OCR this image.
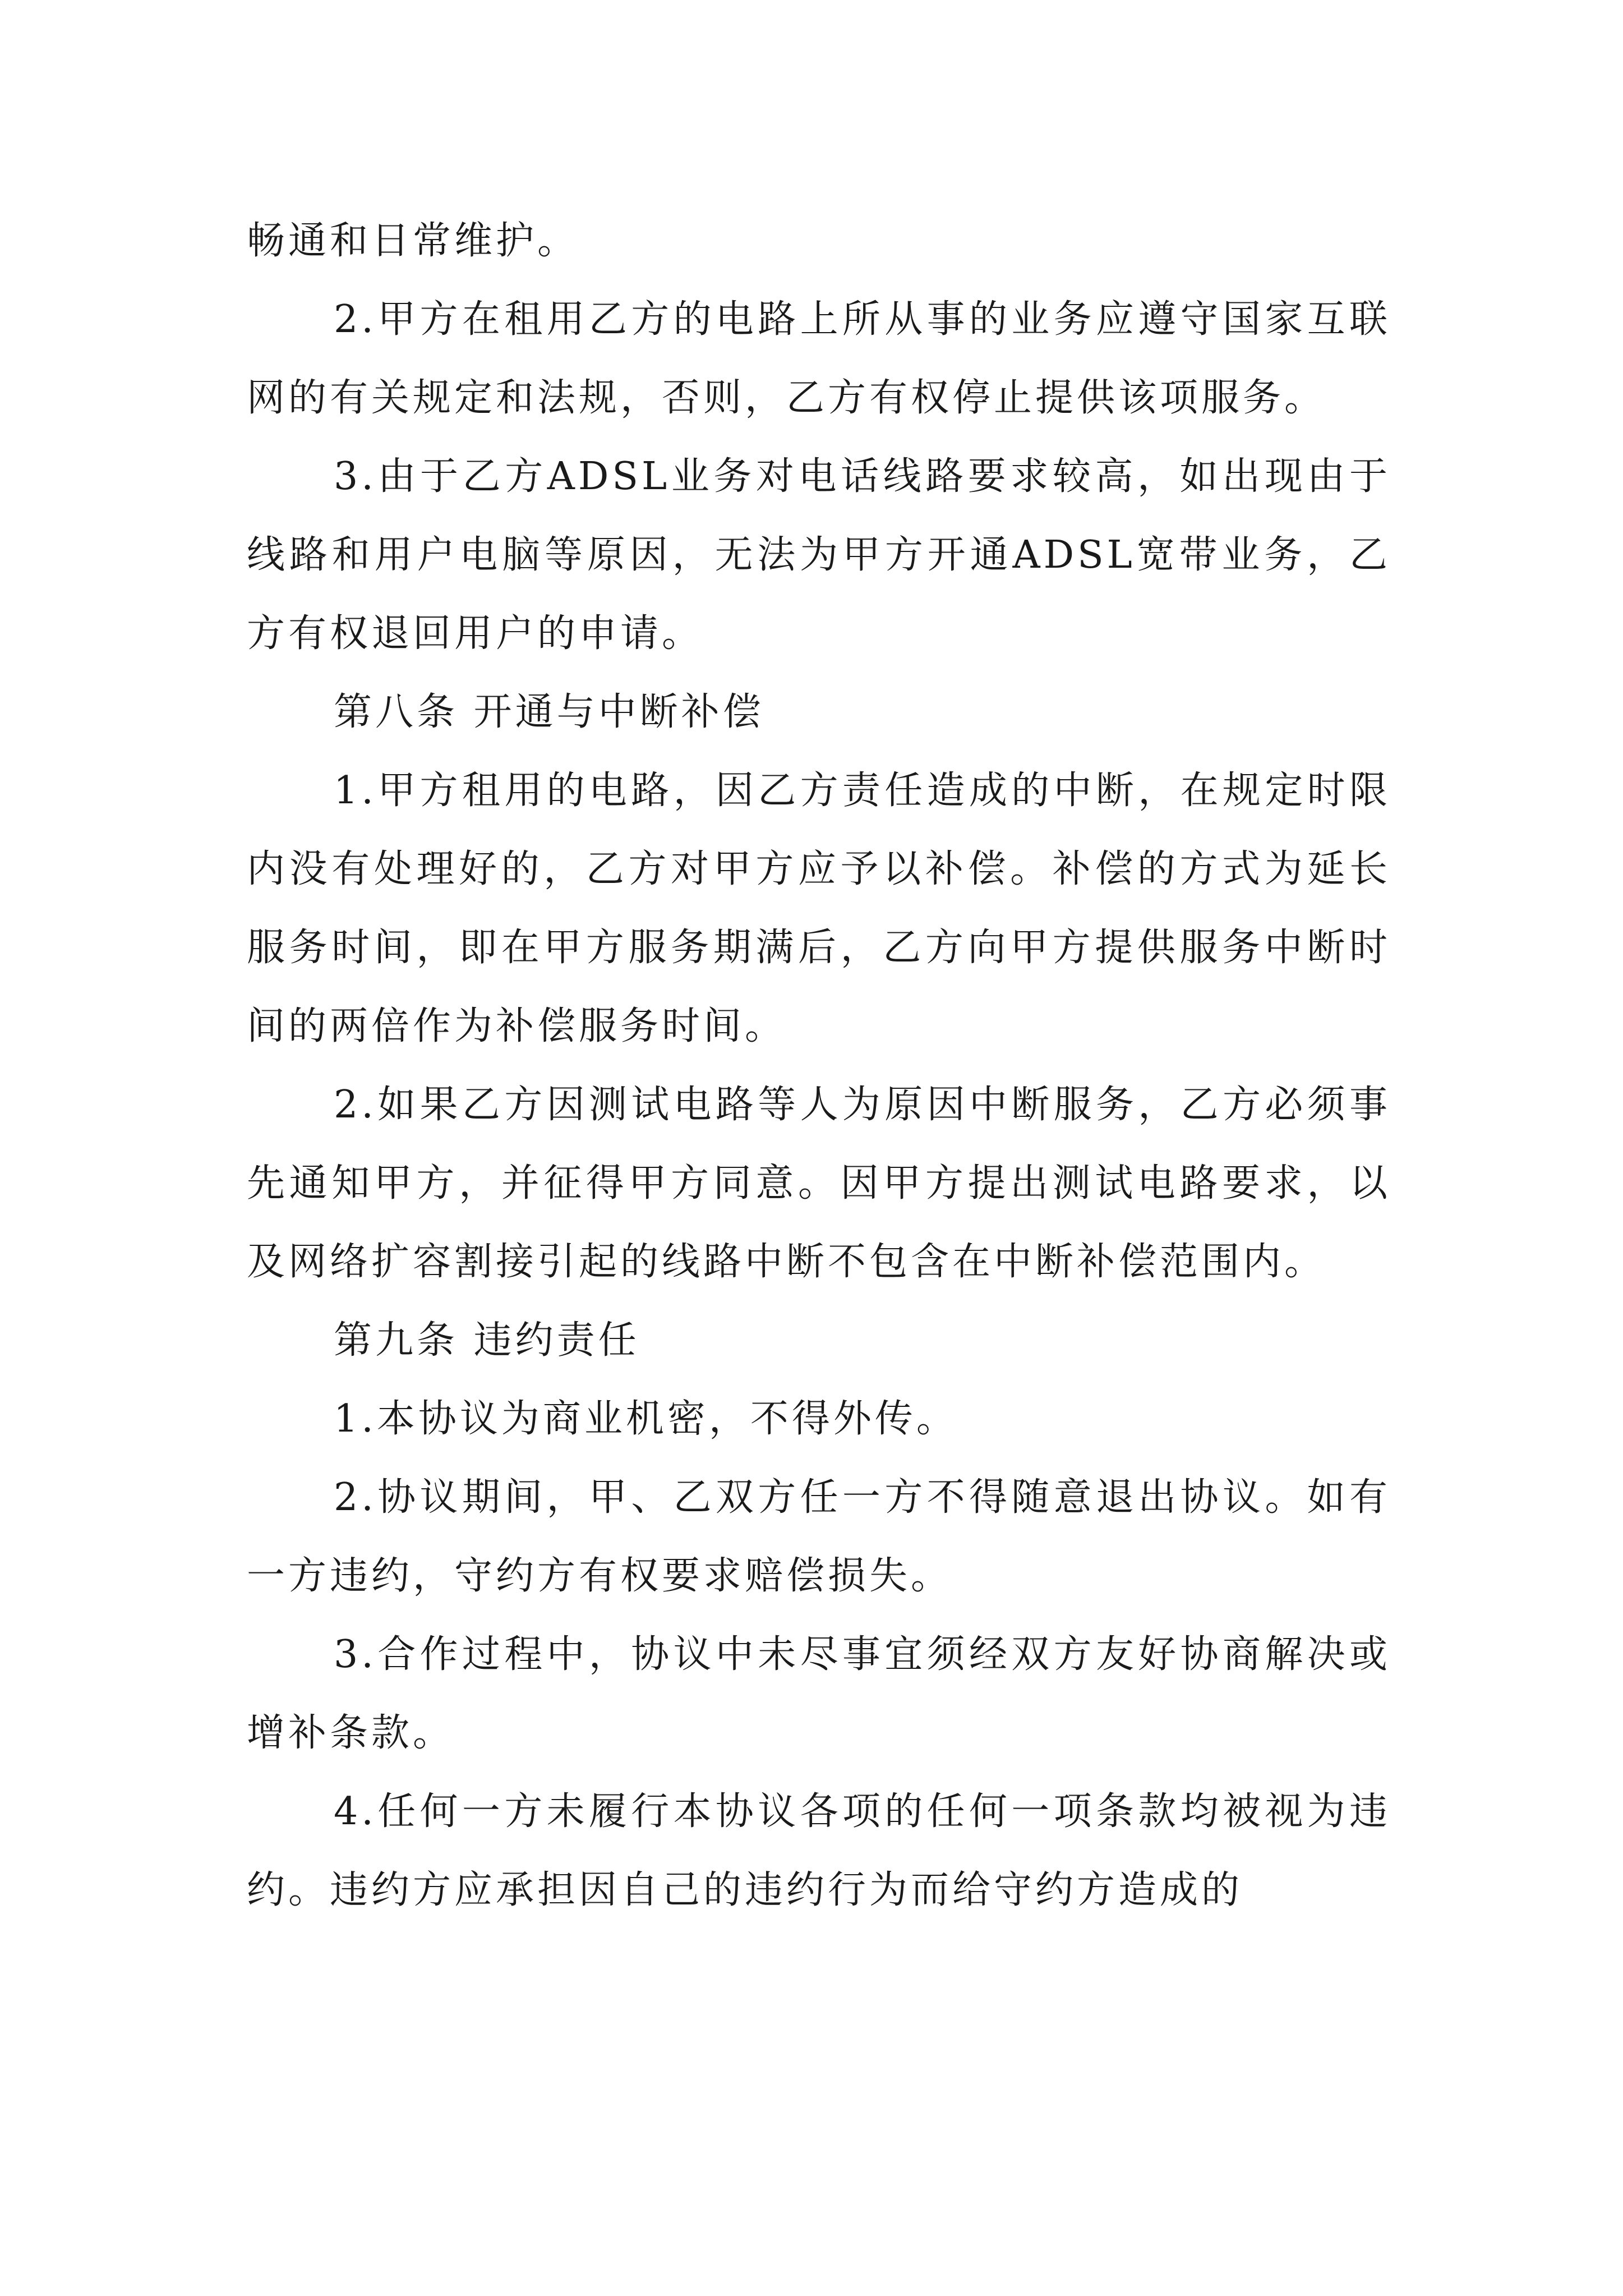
畅通和日常维护。

2.甲方在租用乙方的电路上所从事的业务应遵守国家互联网的有关规定和法规，否则，乙方有权停止提供该项服务。

3.由于乙方ADSL业务对电话线路要求较高，如出现由于线路和用户电脑等原因，无法为甲方开通ADSL宽带业务，乙方有权退回用户的申请。

第八条 开通与中断补偿

1.甲方租用的电路，因乙方责任造成的中断，在规定时限内没有处理好的，乙方对甲方应予以补偿。补偿的方式为延长服务时间，即在甲方服务期满后，乙方向甲方提供服务中断时间的两倍作为补偿服务时间。

2.如果乙方因测试电路等人为原因中断服务，乙方必须事先通知甲方，并征得甲方同意。因甲方提出测试电路要求，以及网络扩容割接引起的线路中断不包含在中断补偿范围内。

第九条 违约责任

1.本协议为商业机密，不得外传。

2.协议期间，甲、乙双方任一方不得随意退出协议。如有一方违约，守约方有权要求赔偿损失。

3.合作过程中，协议中未尽事宜须经双方友好协商解决或增补条款。

4.任何一方未履行本协议各项的任何一项条款均被视为违约。违约方应承担因自己的违约行为而给守约方造成的
